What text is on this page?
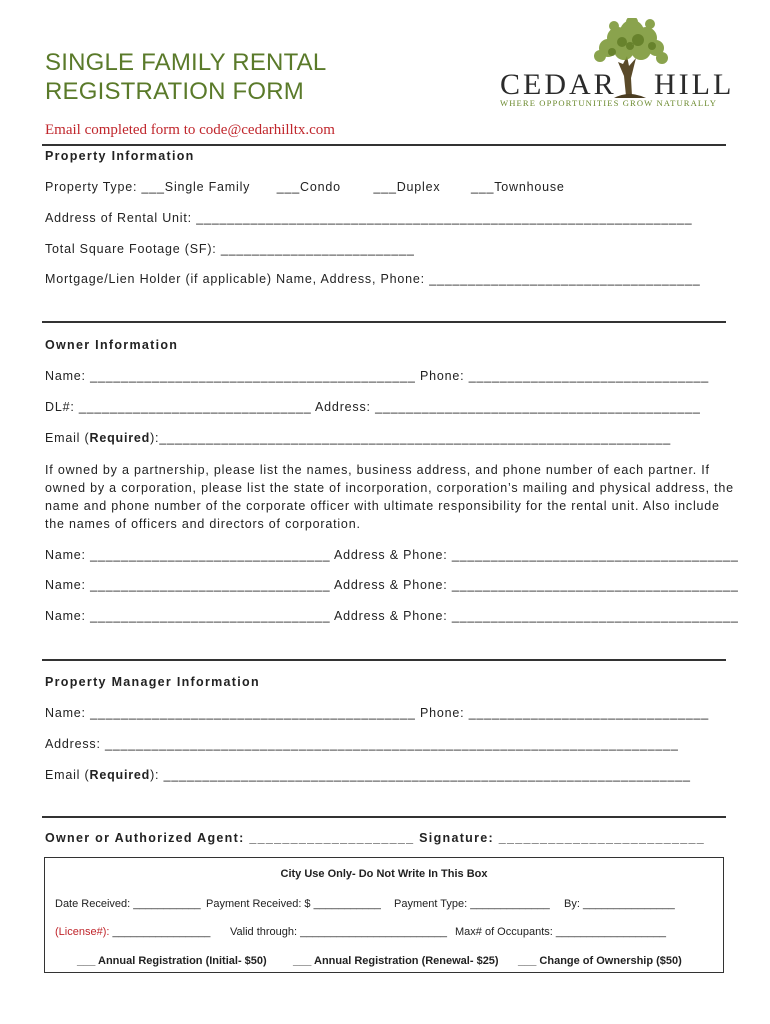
SINGLE FAMILY RENTAL
REGISTRATION FORM	CEDAR HILL
WHERE OPPORTUNITIES GROW NATURALLY
Email completed form to code@cedarhilltx.com
Property Information
Property Type: ___Single Family ___Condo	___Duplex ___Townhouse
Address of Rental Unit: ________________________________________________________________
Total Square Footage (SF): _________________________
Mortgage/Lien Holder (if applicable) Name, Address, Phone: ___________________________________
Owner Information
Name: __________________________________________ Phone: _______________________________
DL#: ______________________________ Address: __________________________________________
Email (Required):__________________________________________________________________

If owned by a partnership, please list the names, business address, and phone number of each partner. If owned by a corporation, please list the state of incorporation, corporation’s mailing and physical address, the name and phone number of the corporate officer with ultimate responsibility for the rental unit. Also include the names of officers and directors of corporation.

Name: _______________________________ Address & Phone: _____________________________________
Name: _______________________________ Address & Phone: _____________________________________
Name: _______________________________ Address & Phone: _____________________________________
Property Manager Information
Name: __________________________________________ Phone: _______________________________
Address: __________________________________________________________________________
Email (Required): ____________________________________________________________________
Owner or Authorized Agent: ____________________ Signature: _________________________
City Use Only- Do Not Write In This Box
Date Received: ___________ Payment Received: $ ___________ Payment Type: _____________ By: _______________
(License#): ________________ Valid through: ________________________ Max# of Occupants: __________________
___ Annual Registration (Initial- $50) ___ Annual Registration (Renewal- $25) ___ Change of Ownership ($50)
